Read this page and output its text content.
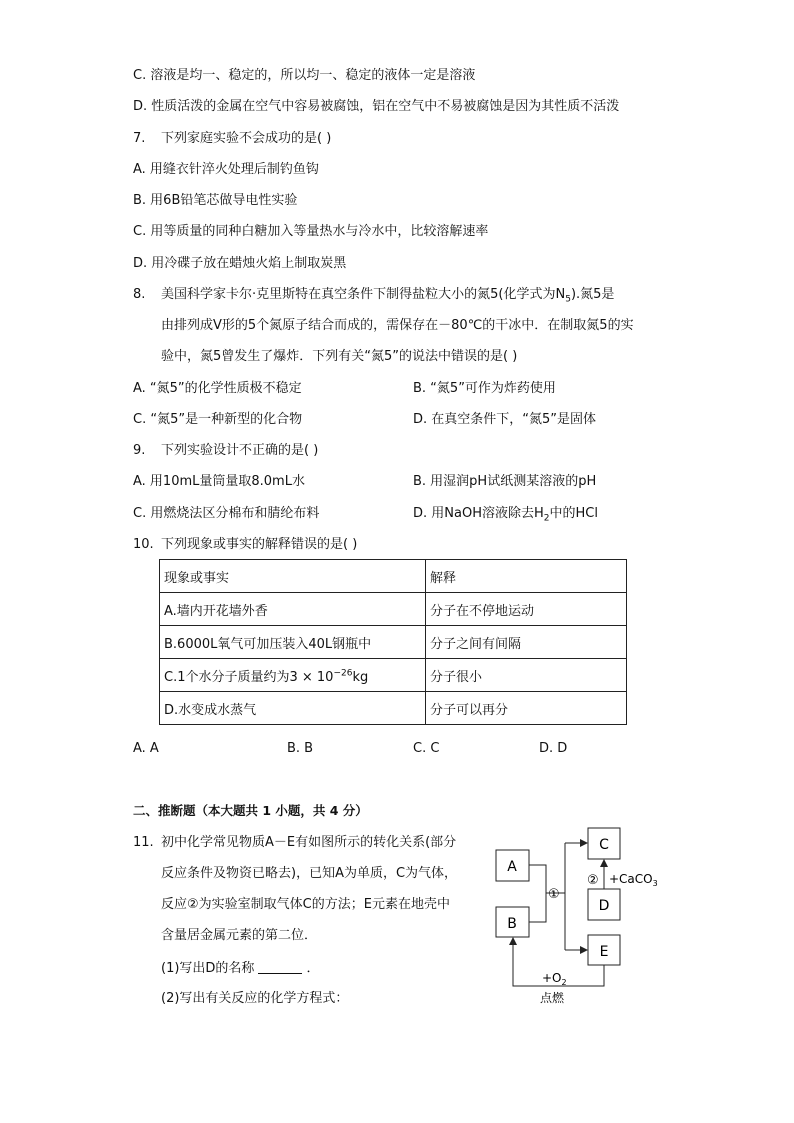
C. 溶液是均一、稳定的，所以均一、稳定的液体一定是溶液
D. 性质活泼的金属在空气中容易被腐蚀，铝在空气中不易被腐蚀是因为其性质不活泼
7. 下列家庭实验不会成功的是( )
A. 用缝衣针淬火处理后制钓鱼钩
B. 用6B铅笔芯做导电性实验
C. 用等质量的同种白糖加入等量热水与冷水中，比较溶解速率
D. 用冷碟子放在蜡烛火焰上制取炭黑
8. 美国科学家卡尔·克里斯特在真空条件下制得盐粒大小的氮5(化学式为$N_5$).氮5是
由排列成V形的5个氮原子结合而成的，需保存在－80℃的干冰中．在制取氮5的实
验中，氮5曾发生了爆炸．下列有关“氮5”的说法中错误的是( )
A. “氮5”的化学性质极不稳定	B. “氮5”可作为炸药使用
C. “氮5”是一种新型的化合物	D. 在真空条件下，“氮5”是固体
9. 下列实验设计不正确的是( )
A. 用10mL量筒量取8.0mL水	B. 用湿润pH试纸测某溶液的pH
C. 用燃烧法区分棉布和腈纶布料	D. 用NaOH溶液除去$H_2$中的HCl
10. 下列现象或事实的解释错误的是( )
现象或事实	解释
A.墙内开花墙外香	分子在不停地运动
B.6000L氧气可加压装入40L钢瓶中	分子之间有间隔
C.1个水分子质量约为$3 \times 10^{-26}kg$	分子很小
D.水变成水蒸气	分子可以再分
A. A	B. B	C. C	D. D
二、推断题（本大题共 1 小题，共 4 分）
11. 初中化学常见物质A－E有如图所示的转化关系(部分
反应条件及物资已略去)，已知A为单质，C为气体，
反应②为实验室制取气体C的方法；E元素在地壳中
含量居金属元素的第二位．
(1)写出D的名称	．
(2)写出有关反应的化学方程式：
A
B
C
D
E
①
② +CaCO$_3$
$+O_2$
点燃
